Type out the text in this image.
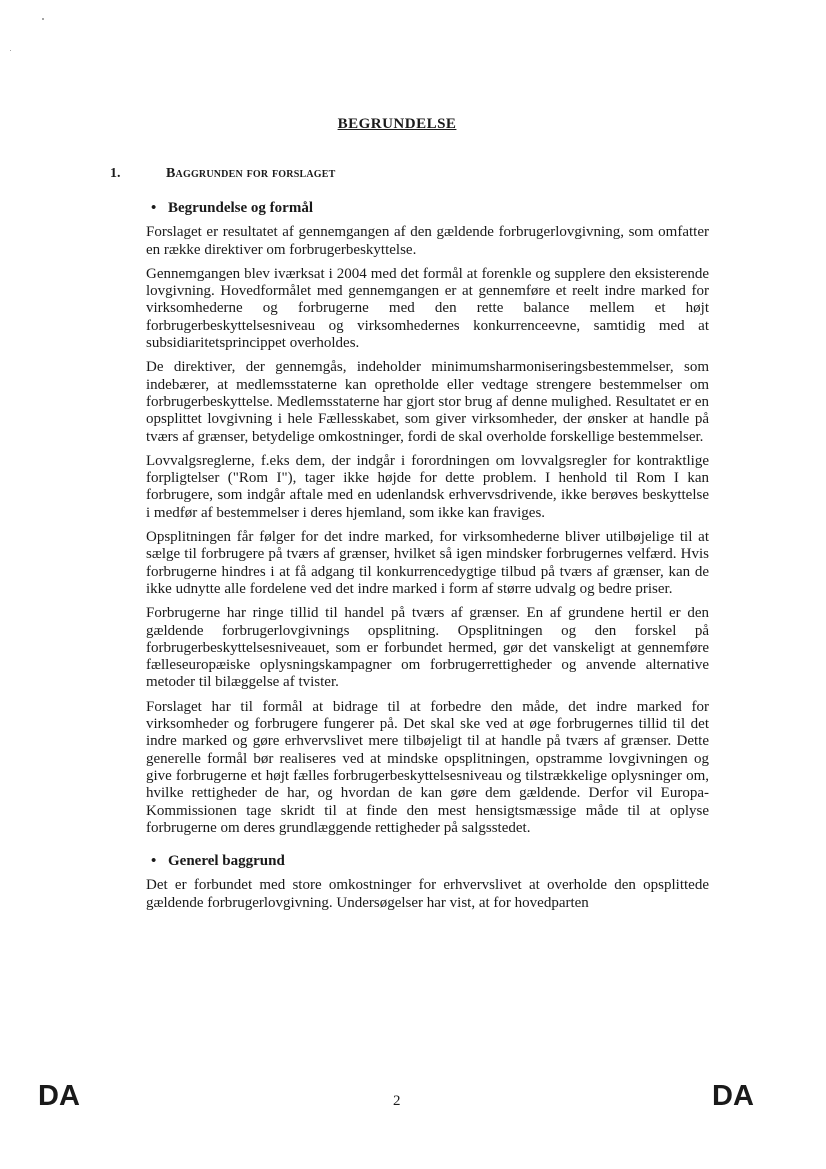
BEGRUNDELSE
1.	Baggrunden for forslaget
• Begrundelse og formål

Forslaget er resultatet af gennemgangen af den gældende forbrugerlovgivning, som omfatter en række direktiver om forbrugerbeskyttelse.

Gennemgangen blev iværksat i 2004 med det formål at forenkle og supplere den eksisterende lovgivning. Hovedformålet med gennemgangen er at gennemføre et reelt indre marked for virksomhederne og forbrugerne med den rette balance mellem et højt forbrugerbeskyttelsesniveau og virksomhedernes konkurrenceevne, samtidig med at subsidiaritetsprincippet overholdes.

De direktiver, der gennemgås, indeholder minimumsharmoniseringsbestemmelser, som indebærer, at medlemsstaterne kan opretholde eller vedtage strengere bestemmelser om forbrugerbeskyttelse. Medlemsstaterne har gjort stor brug af denne mulighed. Resultatet er en opsplittet lovgivning i hele Fællesskabet, som giver virksomheder, der ønsker at handle på tværs af grænser, betydelige omkostninger, fordi de skal overholde forskellige bestemmelser.

Lovvalgsreglerne, f.eks dem, der indgår i forordningen om lovvalgsregler for kontraktlige forpligtelser ("Rom I"), tager ikke højde for dette problem. I henhold til Rom I kan forbrugere, som indgår aftale med en udenlandsk erhvervsdrivende, ikke berøves beskyttelse i medfør af bestemmelser i deres hjemland, som ikke kan fraviges.

Opsplitningen får følger for det indre marked, for virksomhederne bliver utilbøjelige til at sælge til forbrugere på tværs af grænser, hvilket så igen mindsker forbrugernes velfærd. Hvis forbrugerne hindres i at få adgang til konkurrencedygtige tilbud på tværs af grænser, kan de ikke udnytte alle fordelene ved det indre marked i form af større udvalg og bedre priser.

Forbrugerne har ringe tillid til handel på tværs af grænser. En af grundene hertil er den gældende forbrugerlovgivnings opsplitning. Opsplitningen og den forskel på forbrugerbeskyttelsesniveauet, som er forbundet hermed, gør det vanskeligt at gennemføre fælleseuropæiske oplysningskampagner om forbrugerrettigheder og anvende alternative metoder til bilæggelse af tvister.

Forslaget har til formål at bidrage til at forbedre den måde, det indre marked for virksomheder og forbrugere fungerer på. Det skal ske ved at øge forbrugernes tillid til det indre marked og gøre erhvervslivet mere tilbøjeligt til at handle på tværs af grænser. Dette generelle formål bør realiseres ved at mindske opsplitningen, opstramme lovgivningen og give forbrugerne et højt fælles forbrugerbeskyttelsesniveau og tilstrækkelige oplysninger om, hvilke rettigheder de har, og hvordan de kan gøre dem gældende. Derfor vil Europa-Kommissionen tage skridt til at finde den mest hensigtsmæssige måde til at oplyse forbrugerne om deres grundlæggende rettigheder på salgsstedet.

• Generel baggrund

Det er forbundet med store omkostninger for erhvervslivet at overholde den opsplittede gældende forbrugerlovgivning. Undersøgelser har vist, at for hovedparten

DA	2	DA
